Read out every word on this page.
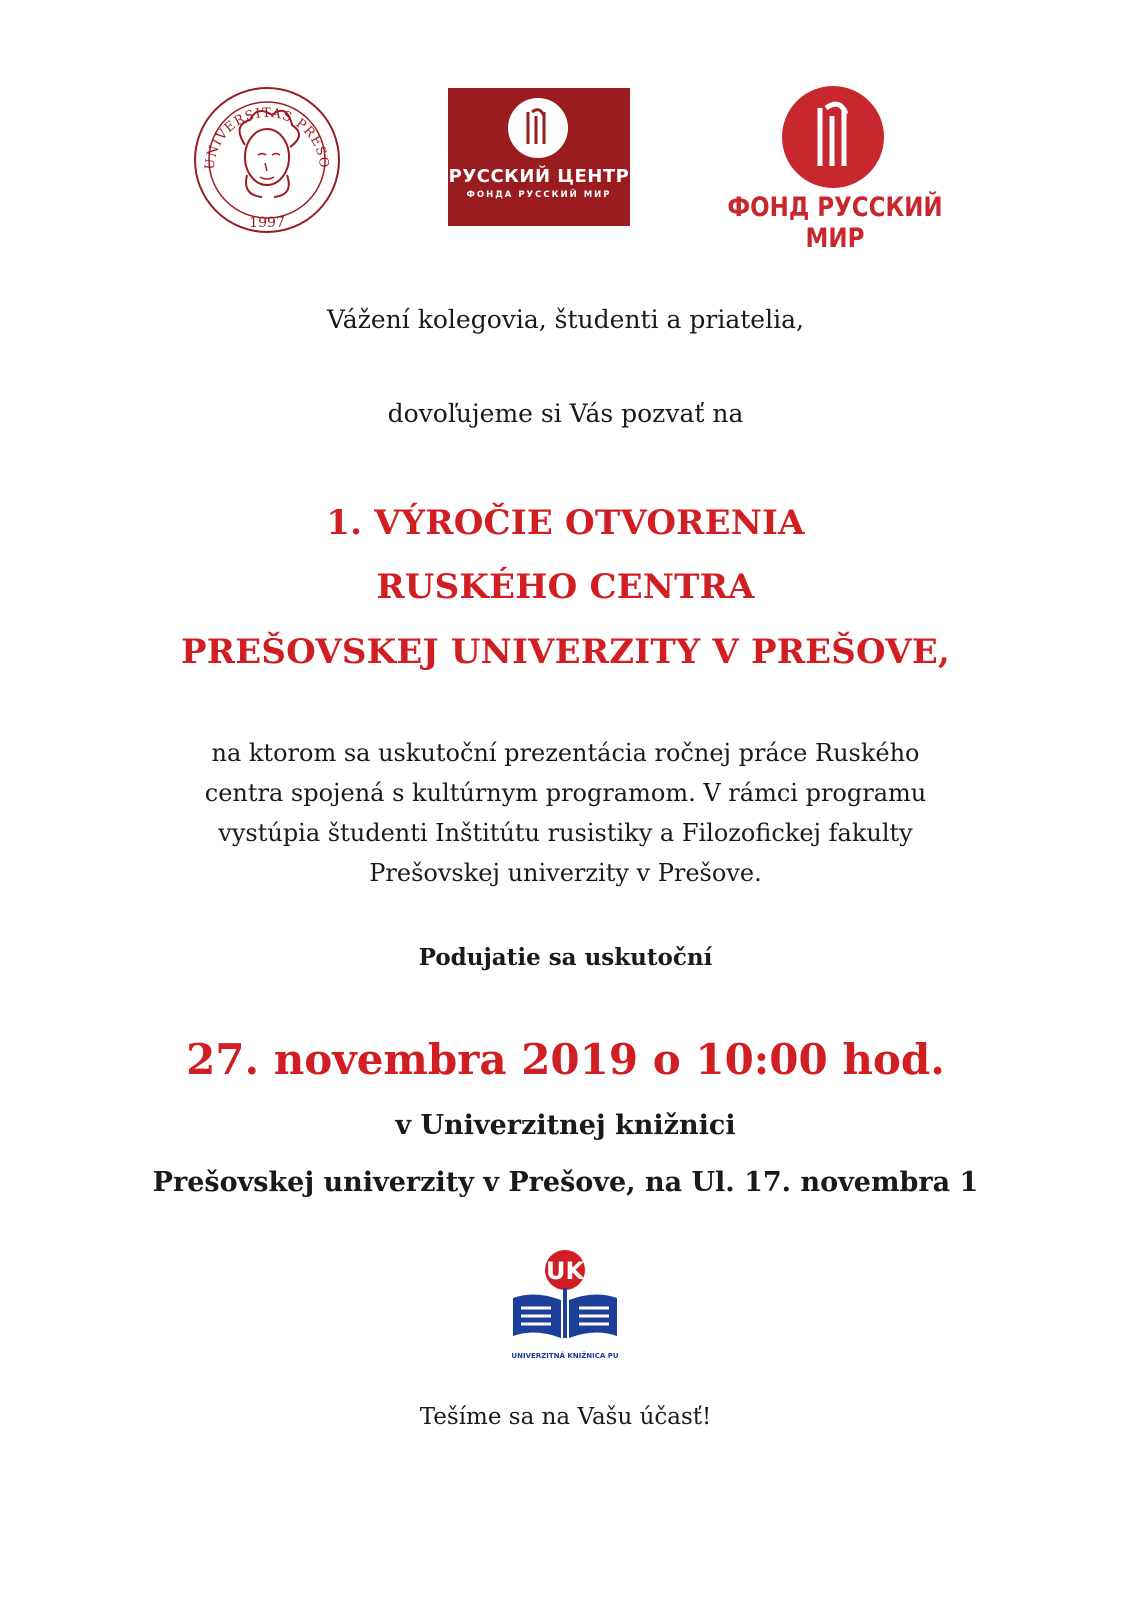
UNIVERSITAS PRESO
1997
РУССКИЙ ЦЕНТР
ФОНДА РУССКИЙ МИР	ФОНД РУССКИЙ МИР
Vážení kolegovia, študenti a priatelia,
dovoľujeme si Vás pozvať na
1. VÝROČIE OTVORENIA
RUSKÉHO CENTRA
PREŠOVSKEJ UNIVERZITY V PREŠOVE,
na ktorom sa uskutoční prezentácia ročnej práce Ruského
centra spojená s kultúrnym programom. V rámci programu
vystúpia študenti Inštitútu rusistiky a Filozofickej fakulty
Prešovskej univerzity v Prešove.
Podujatie sa uskutoční
27. novembra 2019 o 10:00 hod.
v Univerzitnej knižnici
Prešovskej univerzity v Prešove, na Ul. 17. novembra 1
UK
UNIVERZITNÁ KNIŽNICA PU
Tešíme sa na Vašu účasť!
